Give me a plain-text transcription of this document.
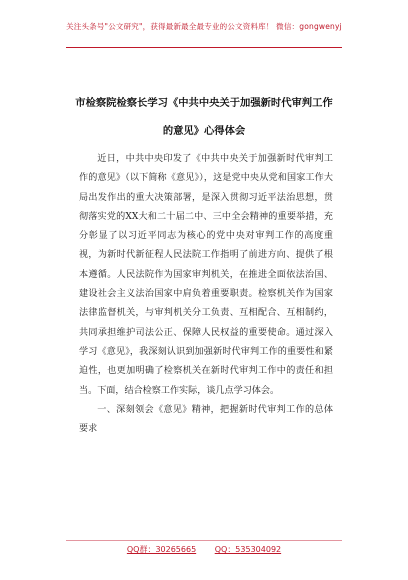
关注头条号"公文研究"，获得最新最全最专业的公文资料库！ 微信：gongwenyj
市检察院检察长学习《中共中央关于加强新时代审判工作
的意见》心得体会

近日，中共中央印发了《中共中央关于加强新时代审判工作的意见》（以下简称《意见》），这是党中央从党和国家工作大局出发作出的重大决策部署，是深入贯彻习近平法治思想，贯彻落实党的XX大和二十届二中、三中全会精神的重要举措，充分彰显了以习近平同志为核心的党中央对审判工作的高度重视，为新时代新征程人民法院工作指明了前进方向、提供了根本遵循。人民法院作为国家审判机关，在推进全面依法治国、建设社会主义法治国家中肩负着重要职责。检察机关作为国家法律监督机关，与审判机关分工负责、互相配合、互相制约，共同承担维护司法公正、保障人民权益的重要使命。通过深入学习《意见》，我深刻认识到加强新时代审判工作的重要性和紧迫性，也更加明确了检察机关在新时代审判工作中的责任和担当。下面，结合检察工作实际，谈几点学习体会。

一、深刻领会《意见》精神，把握新时代审判工作的总体要求

QQ群：30265665 QQ：535304092
